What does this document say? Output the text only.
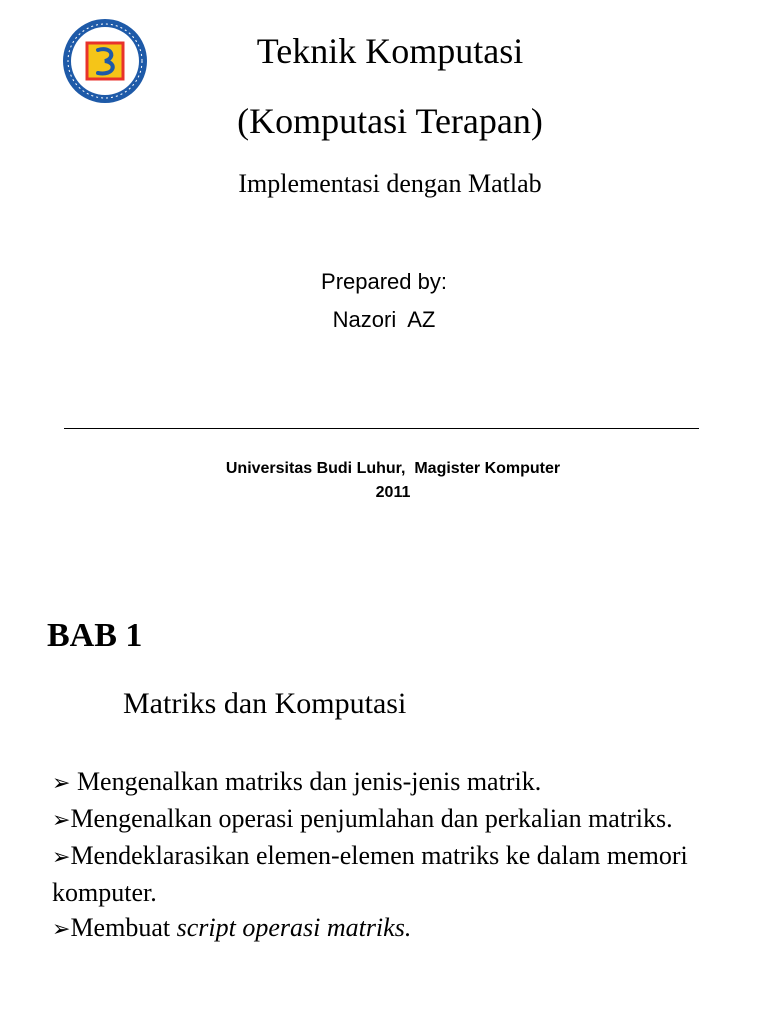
Teknik Komputasi
(Komputasi Terapan)
Implementasi dengan Matlab
Prepared by:
Nazori  AZ
Universitas Budi Luhur,  Magister Komputer
2011
BAB 1
Matriks dan Komputasi
➢ Mengenalkan matriks dan jenis-jenis matrik.
➢Mengenalkan operasi penjumlahan dan perkalian matriks.
➢Mendeklarasikan elemen-elemen matriks ke dalam memori komputer.
➢Membuat script operasi matriks.
